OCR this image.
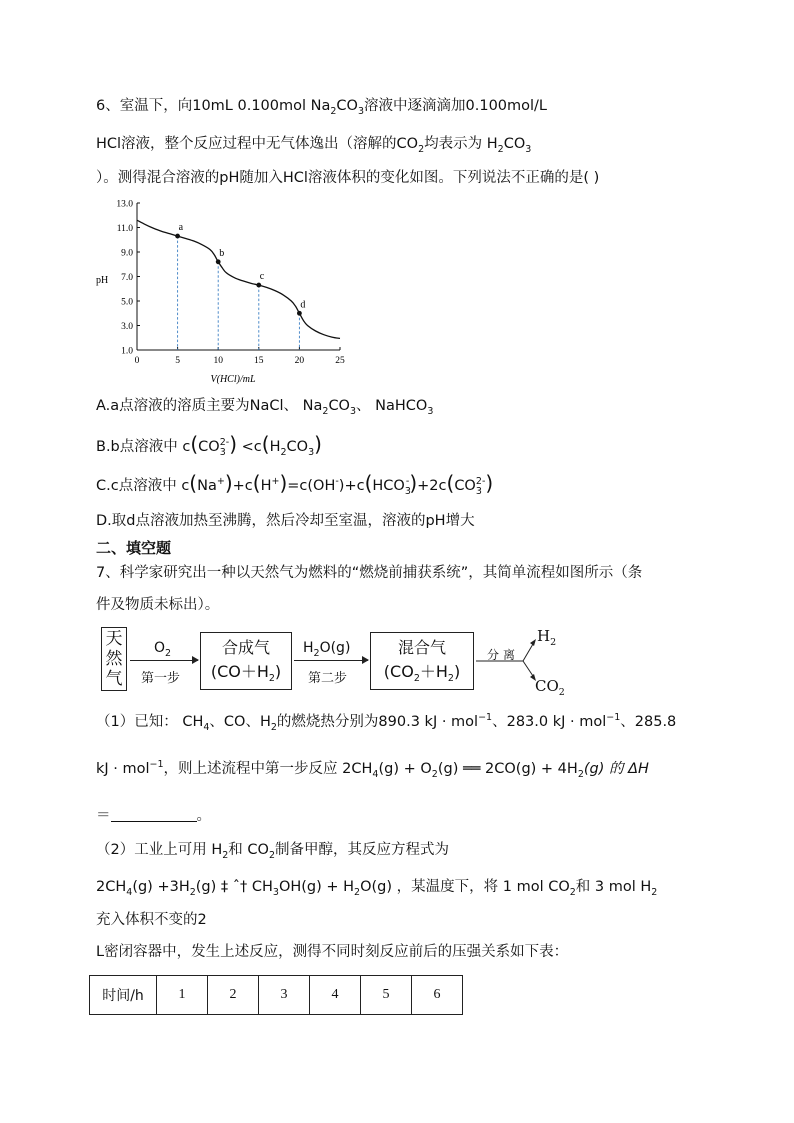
6、室温下，向10mL 0.100mol $Na_2CO_3$溶液中逐滴滴加0.100mol/L
HCl溶液，整个反应过程中无气体逸出（溶解的$CO_2$均表示为 $H_2CO_3$
）。测得混合溶液的pH随加入HCl溶液体积的变化如图。下列说法不正确的是( )
1.0
3.0
5.0
7.0
9.0
11.0
13.0
0	5	10	15	20	25
a
b
c
d
pH
V(HCl)/mL
A.a点溶液的溶质主要为NaCl、 $Na_2CO_3$、 NaHCO$_3$
B.b点溶液中 $c(CO_3^{2-}) <c(H_2CO_3)$
C.c点溶液中 $c(Na^+)+c(H^+)=c(OH^-)+c(HCO_3^-)+2c(CO_3^{2-})$
D.取d点溶液加热至沸腾，然后冷却至室温，溶液的pH增大
二、填空题
7、科学家研究出一种以天然气为燃料的“燃烧前捕获系统”，其简单流程如图所示（条
件及物质未标出）。
天
然
气
$O_2$
第一步
合成气
$(CO+H_2)$
$H_2O(g)$
第二步
混合气
$(CO_2+H_2)$
分离
$H_2$
$CO_2$
（1）已知： $CH_4$、CO、$H_2$的燃烧热分别为890.3 kJ · mol$^{-1}$、283.0 kJ · mol$^{-1}$、285.8
kJ · mol$^{-1}$，则上述流程中第一步反应 $2CH_4(g) + O_2(g)$ ══ $2CO(g) + 4H_2(g)$ 的 ΔH
＝	。
（2）工业上可用 $H_2$和 $CO_2$制备甲醇，其反应方程式为
$2CH_4(g) +3H_2(g)$ ‡ ˆ† $CH_3OH(g) + H_2O(g)$ ，某温度下，将 1 mol $CO_2$和 3 mol $H_2$
充入体积不变的2
L密闭容器中，发生上述反应，测得不同时刻反应前后的压强关系如下表：
时间/h	1	2	3	4	5	6
